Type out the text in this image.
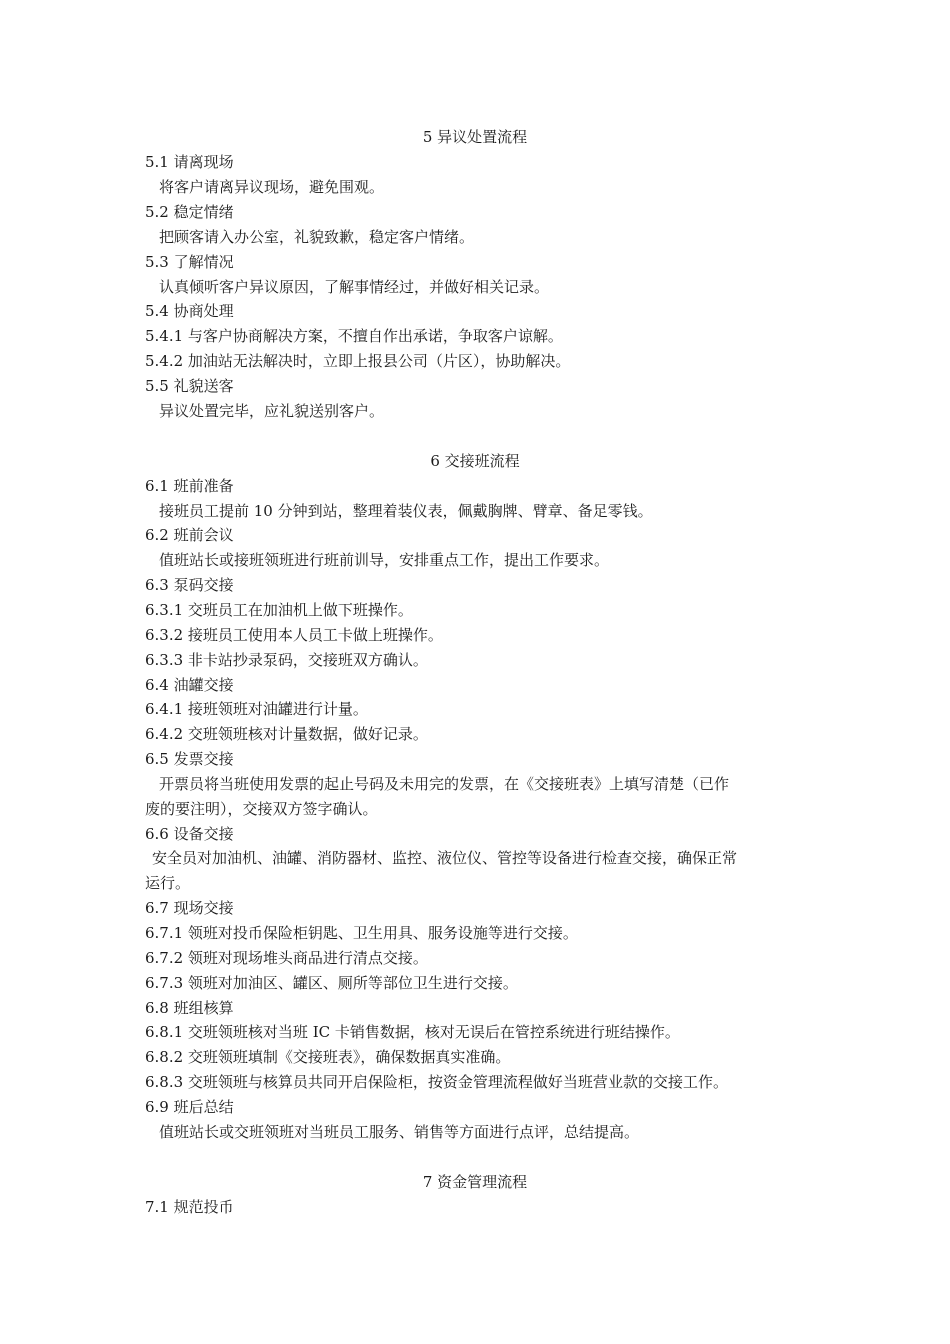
5 异议处置流程
5.1 请离现场
将客户请离异议现场，避免围观。
5.2 稳定情绪
把顾客请入办公室，礼貌致歉，稳定客户情绪。
5.3 了解情况
认真倾听客户异议原因，了解事情经过，并做好相关记录。
5.4 协商处理
5.4.1 与客户协商解决方案，不擅自作出承诺，争取客户谅解。
5.4.2 加油站无法解决时，立即上报县公司（片区），协助解决。
5.5 礼貌送客
异议处置完毕，应礼貌送别客户。
6 交接班流程
6.1 班前准备
接班员工提前 10 分钟到站，整理着装仪表，佩戴胸牌、臂章、备足零钱。
6.2 班前会议
值班站长或接班领班进行班前训导，安排重点工作，提出工作要求。
6.3 泵码交接
6.3.1 交班员工在加油机上做下班操作。
6.3.2 接班员工使用本人员工卡做上班操作。
6.3.3 非卡站抄录泵码，交接班双方确认。
6.4 油罐交接
6.4.1 接班领班对油罐进行计量。
6.4.2 交班领班核对计量数据，做好记录。
6.5 发票交接
开票员将当班使用发票的起止号码及未用完的发票，在《交接班表》上填写清楚（已作
废的要注明），交接双方签字确认。
6.6 设备交接
安全员对加油机、油罐、消防器材、监控、液位仪、管控等设备进行检查交接，确保正常
运行。
6.7 现场交接
6.7.1 领班对投币保险柜钥匙、卫生用具、服务设施等进行交接。
6.7.2 领班对现场堆头商品进行清点交接。
6.7.3 领班对加油区、罐区、厕所等部位卫生进行交接。
6.8 班组核算
6.8.1 交班领班核对当班 IC 卡销售数据，核对无误后在管控系统进行班结操作。
6.8.2 交班领班填制《交接班表》，确保数据真实准确。
6.8.3 交班领班与核算员共同开启保险柜，按资金管理流程做好当班营业款的交接工作。
6.9 班后总结
值班站长或交班领班对当班员工服务、销售等方面进行点评，总结提高。
7 资金管理流程
7.1 规范投币
